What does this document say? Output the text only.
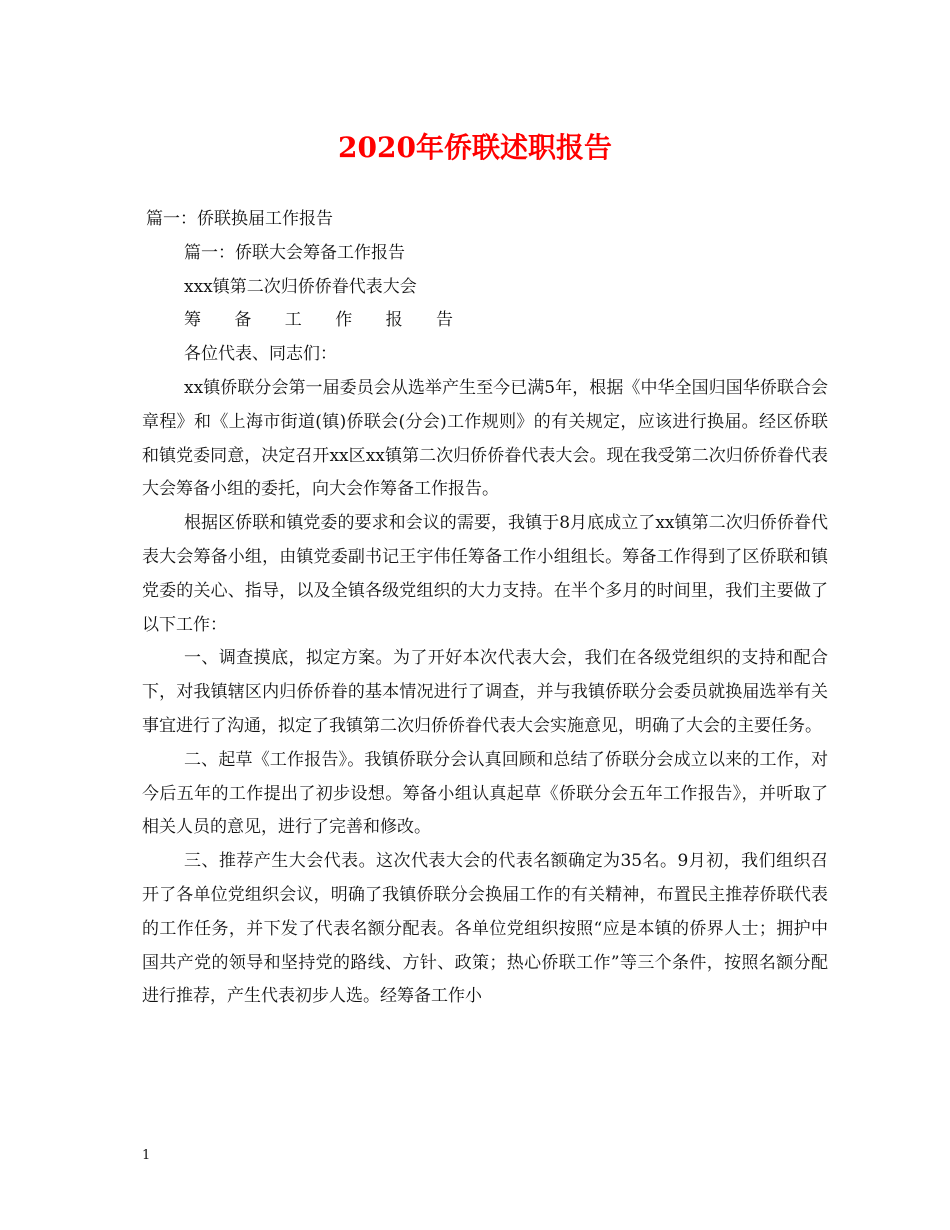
2020年侨联述职报告

篇一：侨联换届工作报告

篇一：侨联大会筹备工作报告

xxx镇第二次归侨侨眷代表大会

筹 备 工 作 报 告

各位代表、同志们：

xx镇侨联分会第一届委员会从选举产生至今已满5年，根据《中华全国归国华侨联合会章程》和《上海市街道(镇)侨联会(分会)工作规则》的有关规定，应该进行换届。经区侨联和镇党委同意，决定召开xx区xx镇第二次归侨侨眷代表大会。现在我受第二次归侨侨眷代表大会筹备小组的委托，向大会作筹备工作报告。

根据区侨联和镇党委的要求和会议的需要，我镇于8月底成立了xx镇第二次归侨侨眷代表大会筹备小组，由镇党委副书记王宇伟任筹备工作小组组长。筹备工作得到了区侨联和镇党委的关心、指导，以及全镇各级党组织的大力支持。在半个多月的时间里，我们主要做了以下工作：

一、调查摸底，拟定方案。为了开好本次代表大会，我们在各级党组织的支持和配合下，对我镇辖区内归侨侨眷的基本情况进行了调查，并与我镇侨联分会委员就换届选举有关事宜进行了沟通，拟定了我镇第二次归侨侨眷代表大会实施意见，明确了大会的主要任务。

二、起草《工作报告》。我镇侨联分会认真回顾和总结了侨联分会成立以来的工作，对今后五年的工作提出了初步设想。筹备小组认真起草《侨联分会五年工作报告》，并听取了相关人员的意见，进行了完善和修改。

三、推荐产生大会代表。这次代表大会的代表名额确定为35名。9月初，我们组织召开了各单位党组织会议，明确了我镇侨联分会换届工作的有关精神，布置民主推荐侨联代表的工作任务，并下发了代表名额分配表。各单位党组织按照“应是本镇的侨界人士；拥护中国共产党的领导和坚持党的路线、方针、政策；热心侨联工作”等三个条件，按照名额分配进行推荐，产生代表初步人选。经筹备工作小

1
